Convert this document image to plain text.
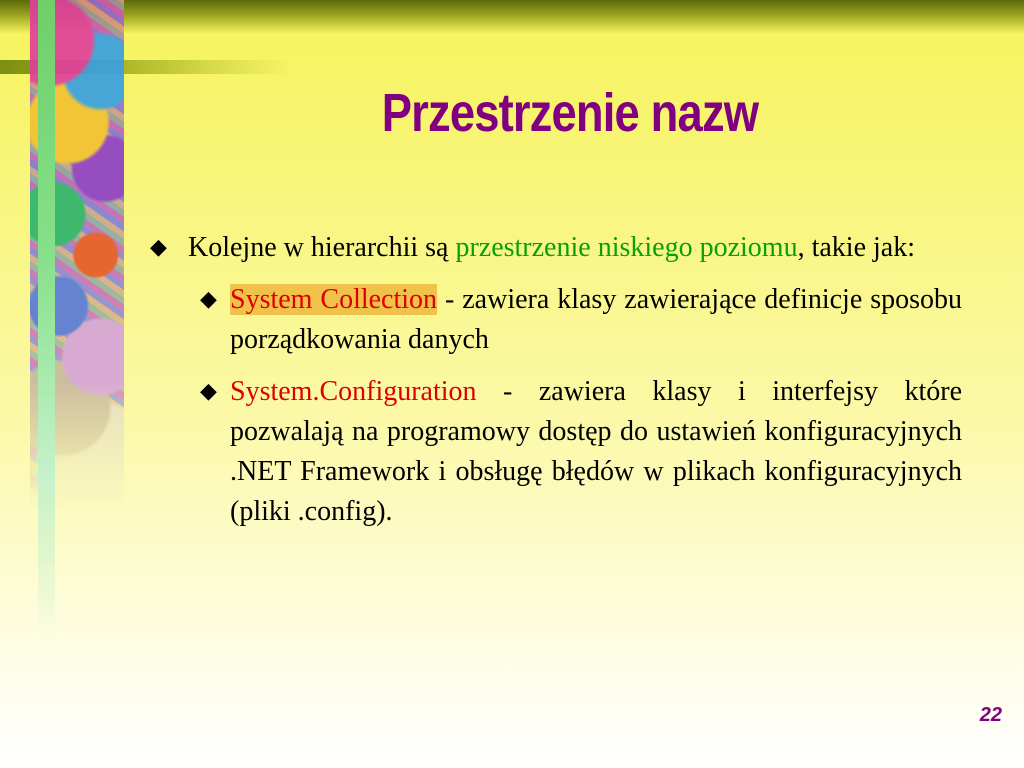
Przestrzenie nazw
◆ Kolejne w hierarchii są przestrzenie niskiego poziomu, takie jak:
◆ System Collection - zawiera klasy zawierające definicje sposobu porządkowania danych
◆ System.Configuration - zawiera klasy i interfejsy które pozwalają na programowy dostęp do ustawień konfiguracyjnych .NET Framework i obsługę błędów w plikach konfiguracyjnych (pliki .config).
22
